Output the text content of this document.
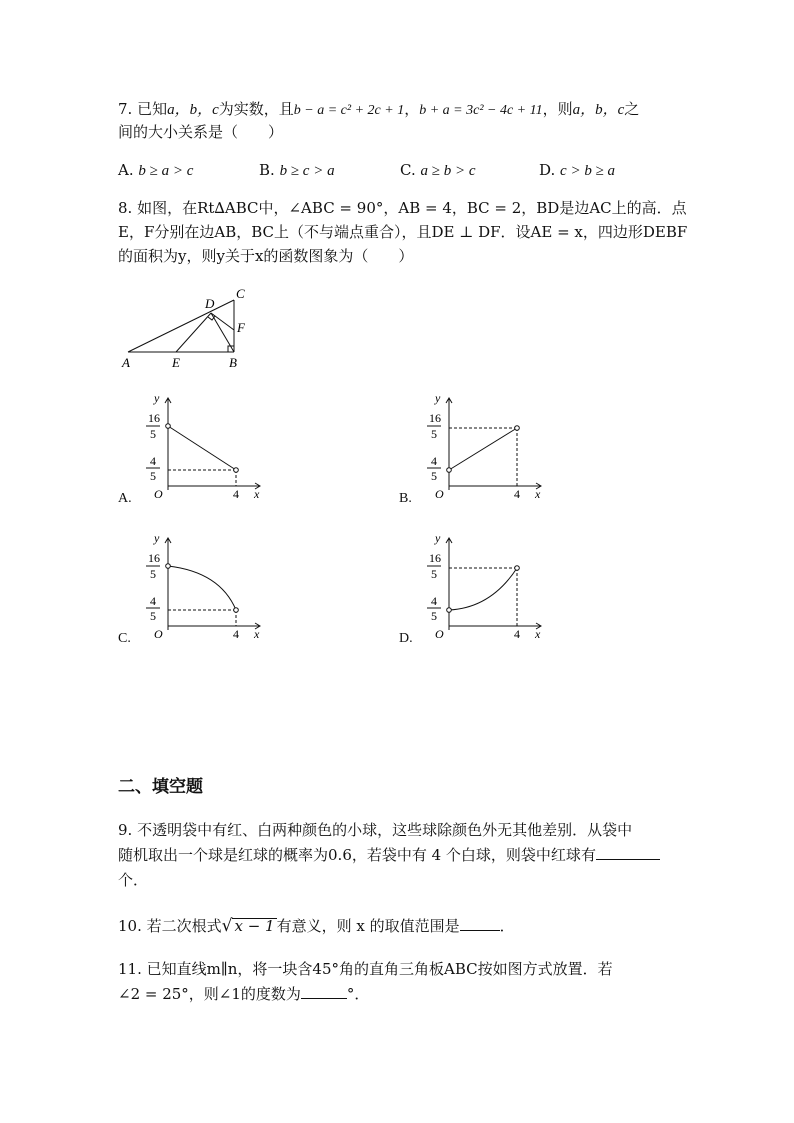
7. 已知a，b，c为实数，且b − a = c² + 2c + 1，b + a = 3c² − 4c + 11，则a，b，c之
间的大小关系是（　　）
A. b ≥ a > c	B. b ≥ c > a	C. a ≥ b > c	D. c > b ≥ a
8. 如图，在Rt∆ABC中，∠ABC = 90°，AB = 4，BC = 2，BD是边AC上的高．点
E，F分别在边AB，BC上（不与端点重合），且DE ⊥ DF．设AE = x，四边形DEBF
的面积为y，则y关于x的函数图象为（　　）
A	B
C
D
E
F
A.
y
16
5
4
5
O	4 x	B.
y
16
5
4
5
O	4 x
C.
y
16
5
4
5
O	4 x	D.
y
16
5
4
5
O	4 x
二、填空题
9. 不透明袋中有红、白两种颜色的小球，这些球除颜色外无其他差别．从袋中
随机取出一个球是红球的概率为0.6，若袋中有 4 个白球，则袋中红球有
个．
10. 若二次根式√ x − 1 有意义，则 x 的取值范围是	．
11. 已知直线m∥n，将一块含45°角的直角三角板ABC按如图方式放置．若
∠2 = 25°，则∠1的度数为	°．
